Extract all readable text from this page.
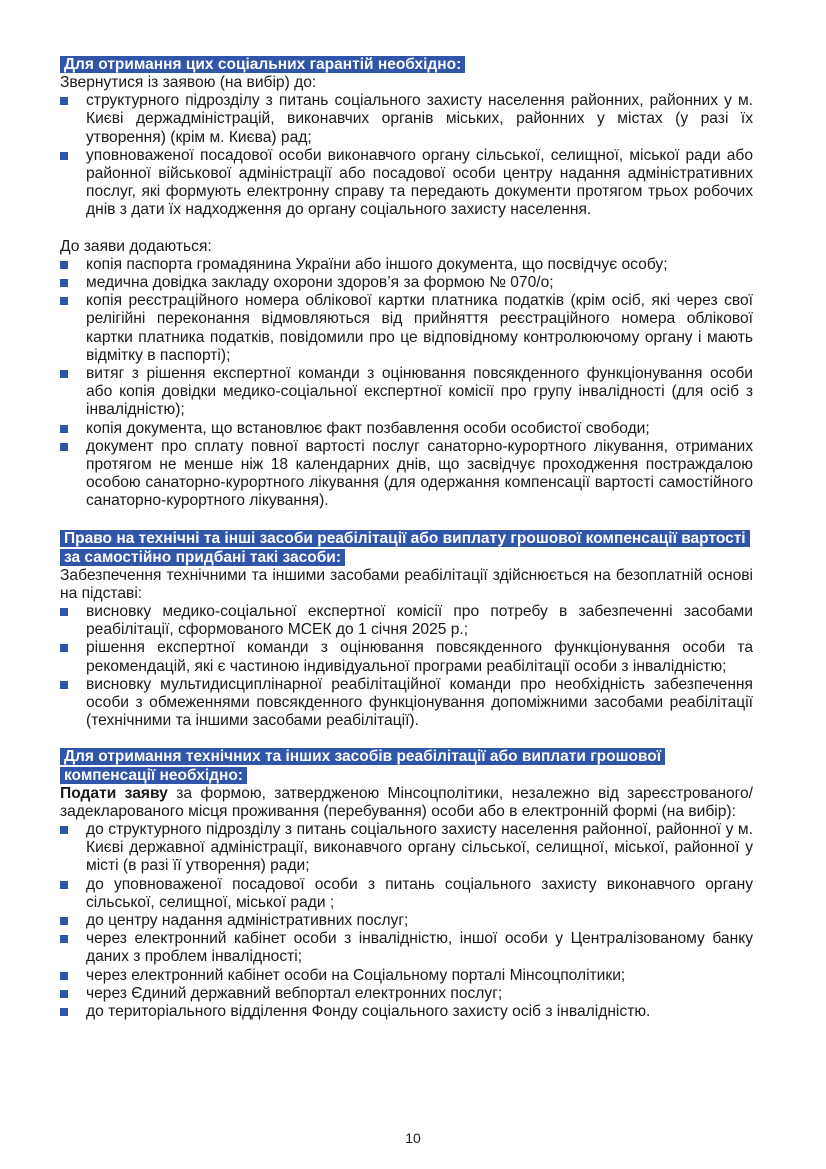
Для отримання цих соціальних гарантій необхідно:

Звернутися із заявою (на вибір) до:

структурного підрозділу з питань соціального захисту населення районних, районних у м. Києві держадміністрацій, виконавчих органів міських, районних у містах (у разі їх утворення) (крім м. Києва) рад;
уповноваженої посадової особи виконавчого органу сільської, селищної, міської ради або районної військової адміністрації або посадової особи центру надання адміністративних послуг, які формують електронну справу та передають документи протягом трьох робочих днів з дати їх надходження до органу соціального захисту населення.

До заяви додаються:

копія паспорта громадянина України або іншого документа, що посвідчує особу;
медична довідка закладу охорони здоров’я за формою № 070/о;
копія реєстраційного номера облікової картки платника податків (крім осіб, які через свої релігійні переконання відмовляються від прийняття реєстраційного номера облікової картки платника податків, повідомили про це відповідному контролюючому органу і мають відмітку в паспорті);
витяг з рішення експертної команди з оцінювання повсякденного функціонування особи або копія довідки медико-соціальної експертної комісії про групу інвалідності (для осіб з інвалідністю);
копія документа, що встановлює факт позбавлення особи особистої свободи;
документ про сплату повної вартості послуг санаторно-курортного лікування, отриманих протягом не менше ніж 18 календарних днів, що засвідчує проходження постраждалою особою санаторно-курортного лікування (для одержання компенсації вартості самостійного санаторно-курортного лікування).
Право на технічні та інші засоби реабілітації або виплату грошової компенсації вартості за самостійно придбані такі засоби:

Забезпечення технічними та іншими засобами реабілітації здійснюється на безоплатній основі на підставі:

висновку медико-соціальної експертної комісії про потребу в забезпеченні засобами реабілітації, сформованого МСЕК до 1 січня 2025 р.;
рішення експертної команди з оцінювання повсякденного функціонування особи та рекомендацій, які є частиною індивідуальної програми реабілітації особи з інвалідністю;
висновку мультидисциплінарної реабілітаційної команди про необхідність забезпечення особи з обмеженнями повсякденного функціонування допоміжними засобами реабілітації (технічними та іншими засобами реабілітації).
Для отримання технічних та інших засобів реабілітації або виплати грошової компенсації необхідно:

Подати заяву за формою, затвердженою Мінсоцполітики, незалежно від зареєстрованого/задекларованого місця проживання (перебування) особи або в електронній формі (на вибір):

до структурного підрозділу з питань соціального захисту населення районної, районної у м. Києві державної адміністрації, виконавчого органу сільської, селищної, міської, районної у місті (в разі її утворення) ради;
до уповноваженої посадової особи з питань соціального захисту виконавчого органу сільської, селищної, міської ради ;
до центру надання адміністративних послуг;
через електронний кабінет особи з інвалідністю, іншої особи у Централізованому банку даних з проблем інвалідності;
через електронний кабінет особи на Соціальному порталі Мінсоцполітики;
через Єдиний державний вебпортал електронних послуг;
до територіального відділення Фонду соціального захисту осіб з інвалідністю.
10
